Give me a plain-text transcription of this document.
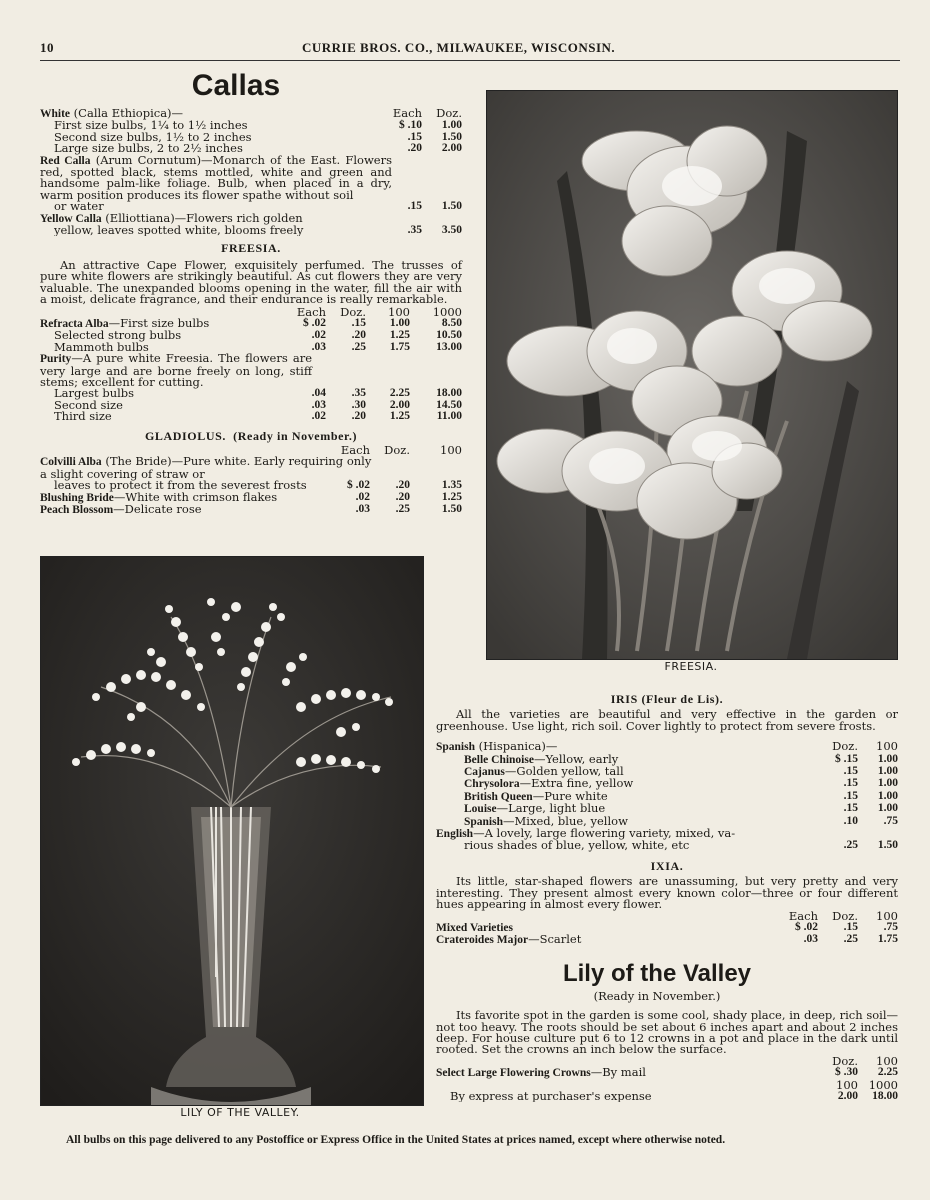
10	CURRIE BROS. CO., MILWAUKEE, WISCONSIN.
Callas
White (Calla Ethiopica)—	Each	Doz.
First size bulbs, 1¼ to 1½ inches	$ .10	1.00
Second size bulbs, 1½ to 2 inches	.15	1.50
Large size bulbs, 2 to 2½ inches	.20	2.00
Red Calla (Arum Cornutum)—Monarch of the East. Flowers red, spotted black, stems mottled, white and green and handsome palm-like foliage. Bulb, when placed in a dry, warm position produces its flower spathe without soil
or water	.15	1.50
Yellow Calla (Elliottiana)—Flowers rich golden
yellow, leaves spotted white, blooms freely	.35	3.50
FREESIA.
An attractive Cape Flower, exquisitely perfumed. The trusses of pure white flowers are strikingly beautiful. As cut flowers they are very valuable. The unexpanded blooms opening in the water, fill the air with a moist, delicate fragrance, and their endurance is really remarkable.
Each	Doz.	100	1000
Refracta Alba—First size bulbs	$ .02	.15	1.00	8.50
Selected strong bulbs	.02	.20	1.25	10.50
Mammoth bulbs	.03	.25	1.75	13.00
Purity—A pure white Freesia. The flowers are very large and are borne freely on long, stiff stems; excellent for cutting.
Largest bulbs	.04	.35	2.25	18.00
Second size	.03	.30	2.00	14.50
Third size	.02	.20	1.25	11.00
GLADIOLUS. (Ready in November.)
Each	Doz.	100
Colvilli Alba (The Bride)—Pure white. Early requiring only a slight covering of straw or
leaves to protect it from the severest frosts	$ .02	.20	1.35
Blushing Bride—White with crimson flakes	.02	.20	1.25
Peach Blossom—Delicate rose	.03	.25	1.50
FREESIA.
LILY OF THE VALLEY.
IRIS (Fleur de Lis).
All the varieties are beautiful and very effective in the garden or greenhouse. Use light, rich soil. Cover lightly to protect from severe frosts.
Spanish (Hispanica)—	Doz.	100
Belle Chinoise—Yellow, early	$ .15	1.00
Cajanus—Golden yellow, tall	.15	1.00
Chrysolora—Extra fine, yellow	.15	1.00
British Queen—Pure white	.15	1.00
Louise—Large, light blue	.15	1.00
Spanish—Mixed, blue, yellow	.10	.75
English—A lovely, large flowering variety, mixed, va-
rious shades of blue, yellow, white, etc	.25	1.50
IXIA.
Its little, star-shaped flowers are unassuming, but very pretty and very interesting. They present almost every known color—three or four different hues appearing in almost every flower.
Each	Doz.	100
Mixed Varieties	$ .02	.15	.75
Crateroides Major—Scarlet	.03	.25	1.75
Lily of the Valley
(Ready in November.)
Its favorite spot in the garden is some cool, shady place, in deep, rich soil—not too heavy. The roots should be set about 6 inches apart and about 2 inches deep. For house culture put 6 to 12 crowns in a pot and place in the dark until rooted. Set the crowns an inch below the surface.
Doz.	100
Select Large Flowering Crowns—By mail	$ .30	2.25
100 1000
By express at purchaser's expense	2.00	18.00
All bulbs on this page delivered to any Postoffice or Express Office in the United States at prices named, except where otherwise noted.
